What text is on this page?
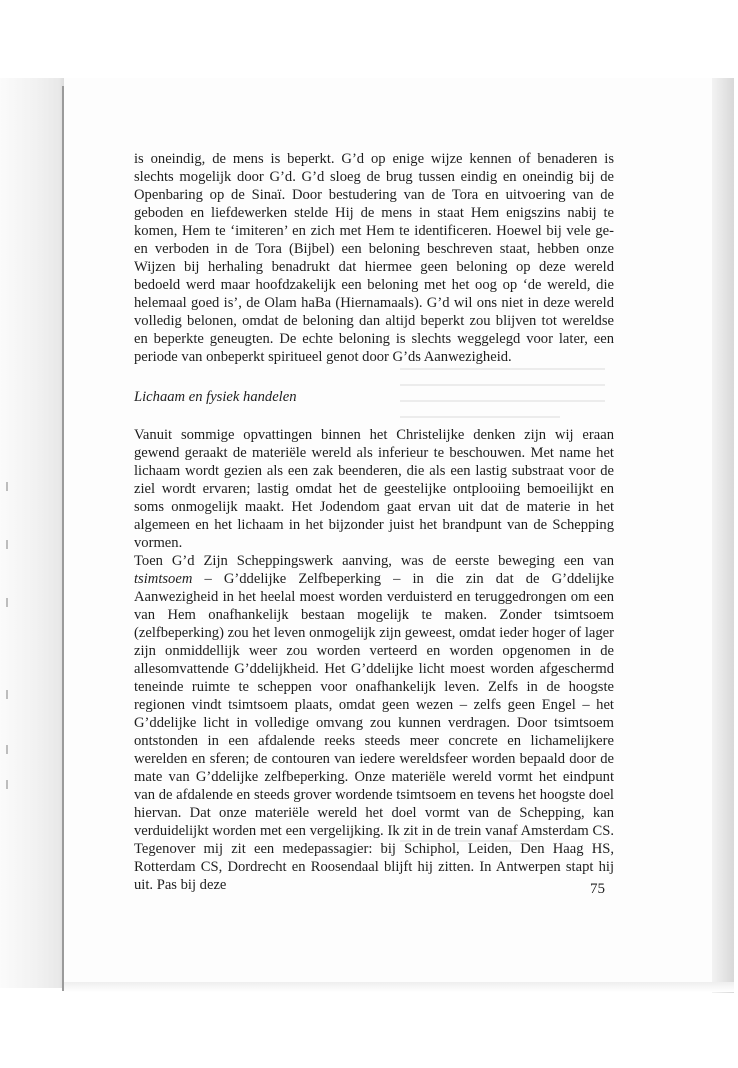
is oneindig, de mens is beperkt. G’d op enige wijze kennen of benaderen is slechts mogelijk door G’d. G’d sloeg de brug tussen eindig en oneindig bij de Openbaring op de Sinaï. Door bestudering van de Tora en uitvoering van de geboden en liefdewerken stelde Hij de mens in staat Hem enigszins nabij te komen, Hem te ‘imiteren’ en zich met Hem te identificeren. Hoewel bij vele ge- en verboden in de Tora (Bijbel) een beloning beschreven staat, hebben onze Wijzen bij herhaling benadrukt dat hiermee geen beloning op deze wereld bedoeld werd maar hoofdzakelijk een beloning met het oog op ‘de wereld, die helemaal goed is’, de Olam haBa (Hiernamaals). G’d wil ons niet in deze wereld volledig belonen, omdat de beloning dan altijd beperkt zou blijven tot wereldse en beperkte geneugten. De echte beloning is slechts weggelegd voor later, een periode van onbeperkt spiritueel genot door G’ds Aanwezigheid.

Lichaam en fysiek handelen

Vanuit sommige opvattingen binnen het Christelijke denken zijn wij eraan gewend geraakt de materiële wereld als inferieur te beschouwen. Met name het lichaam wordt gezien als een zak beenderen, die als een lastig substraat voor de ziel wordt ervaren; lastig omdat het de geestelijke ontplooiing bemoeilijkt en soms onmogelijk maakt. Het Jodendom gaat ervan uit dat de materie in het algemeen en het lichaam in het bijzonder juist het brandpunt van de Schepping vormen.

Toen G’d Zijn Scheppingswerk aanving, was de eerste beweging een van tsimtsoem – G’ddelijke Zelfbeperking – in die zin dat de G’ddelijke Aanwezigheid in het heelal moest worden verduisterd en teruggedrongen om een van Hem onafhankelijk bestaan mogelijk te maken. Zonder tsimtsoem (zelfbeperking) zou het leven onmogelijk zijn geweest, omdat ieder hoger of lager zijn onmiddellijk weer zou worden verteerd en worden opgenomen in de allesomvattende G’ddelijkheid. Het G’ddelijke licht moest worden afgeschermd teneinde ruimte te scheppen voor onafhankelijk leven. Zelfs in de hoogste regionen vindt tsimtsoem plaats, omdat geen wezen – zelfs geen Engel – het G’ddelijke licht in volledige omvang zou kunnen verdragen. Door tsimtsoem ontstonden in een afdalende reeks steeds meer concrete en lichamelijkere werelden en sferen; de contouren van iedere wereldsfeer worden bepaald door de mate van G’ddelijke zelfbeperking. Onze materiële wereld vormt het eindpunt van de afdalende en steeds grover wordende tsimtsoem en tevens het hoogste doel hiervan. Dat onze materiële wereld het doel vormt van de Schepping, kan verduidelijkt worden met een vergelijking. Ik zit in de trein vanaf Amsterdam CS. Tegenover mij zit een medepassagier: bij Schiphol, Leiden, Den Haag HS, Rotterdam CS, Dordrecht en Roosendaal blijft hij zitten. In Antwerpen stapt hij uit. Pas bij deze	75
